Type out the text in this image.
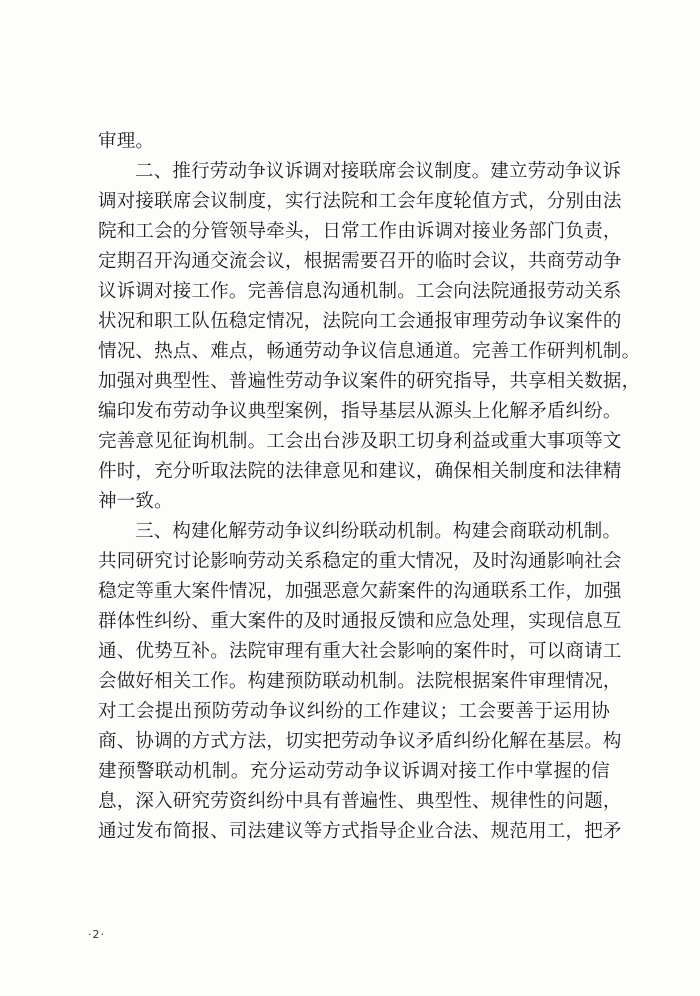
审理。
二、推行劳动争议诉调对接联席会议制度。建立劳动争议诉
调对接联席会议制度，实行法院和工会年度轮值方式，分别由法
院和工会的分管领导牵头，日常工作由诉调对接业务部门负责，
定期召开沟通交流会议，根据需要召开的临时会议，共商劳动争
议诉调对接工作。完善信息沟通机制。工会向法院通报劳动关系
状况和职工队伍稳定情况，法院向工会通报审理劳动争议案件的
情况、热点、难点，畅通劳动争议信息通道。完善工作研判机制。
加强对典型性、普遍性劳动争议案件的研究指导，共享相关数据，
编印发布劳动争议典型案例，指导基层从源头上化解矛盾纠纷。
完善意见征询机制。工会出台涉及职工切身利益或重大事项等文
件时，充分听取法院的法律意见和建议，确保相关制度和法律精
神一致。
三、构建化解劳动争议纠纷联动机制。构建会商联动机制。
共同研究讨论影响劳动关系稳定的重大情况，及时沟通影响社会
稳定等重大案件情况，加强恶意欠薪案件的沟通联系工作，加强
群体性纠纷、重大案件的及时通报反馈和应急处理，实现信息互
通、优势互补。法院审理有重大社会影响的案件时，可以商请工
会做好相关工作。构建预防联动机制。法院根据案件审理情况，
对工会提出预防劳动争议纠纷的工作建议；工会要善于运用协
商、协调的方式方法，切实把劳动争议矛盾纠纷化解在基层。构
建预警联动机制。充分运动劳动争议诉调对接工作中掌握的信
息，深入研究劳资纠纷中具有普遍性、典型性、规律性的问题，
通过发布简报、司法建议等方式指导企业合法、规范用工，把矛
·2·
